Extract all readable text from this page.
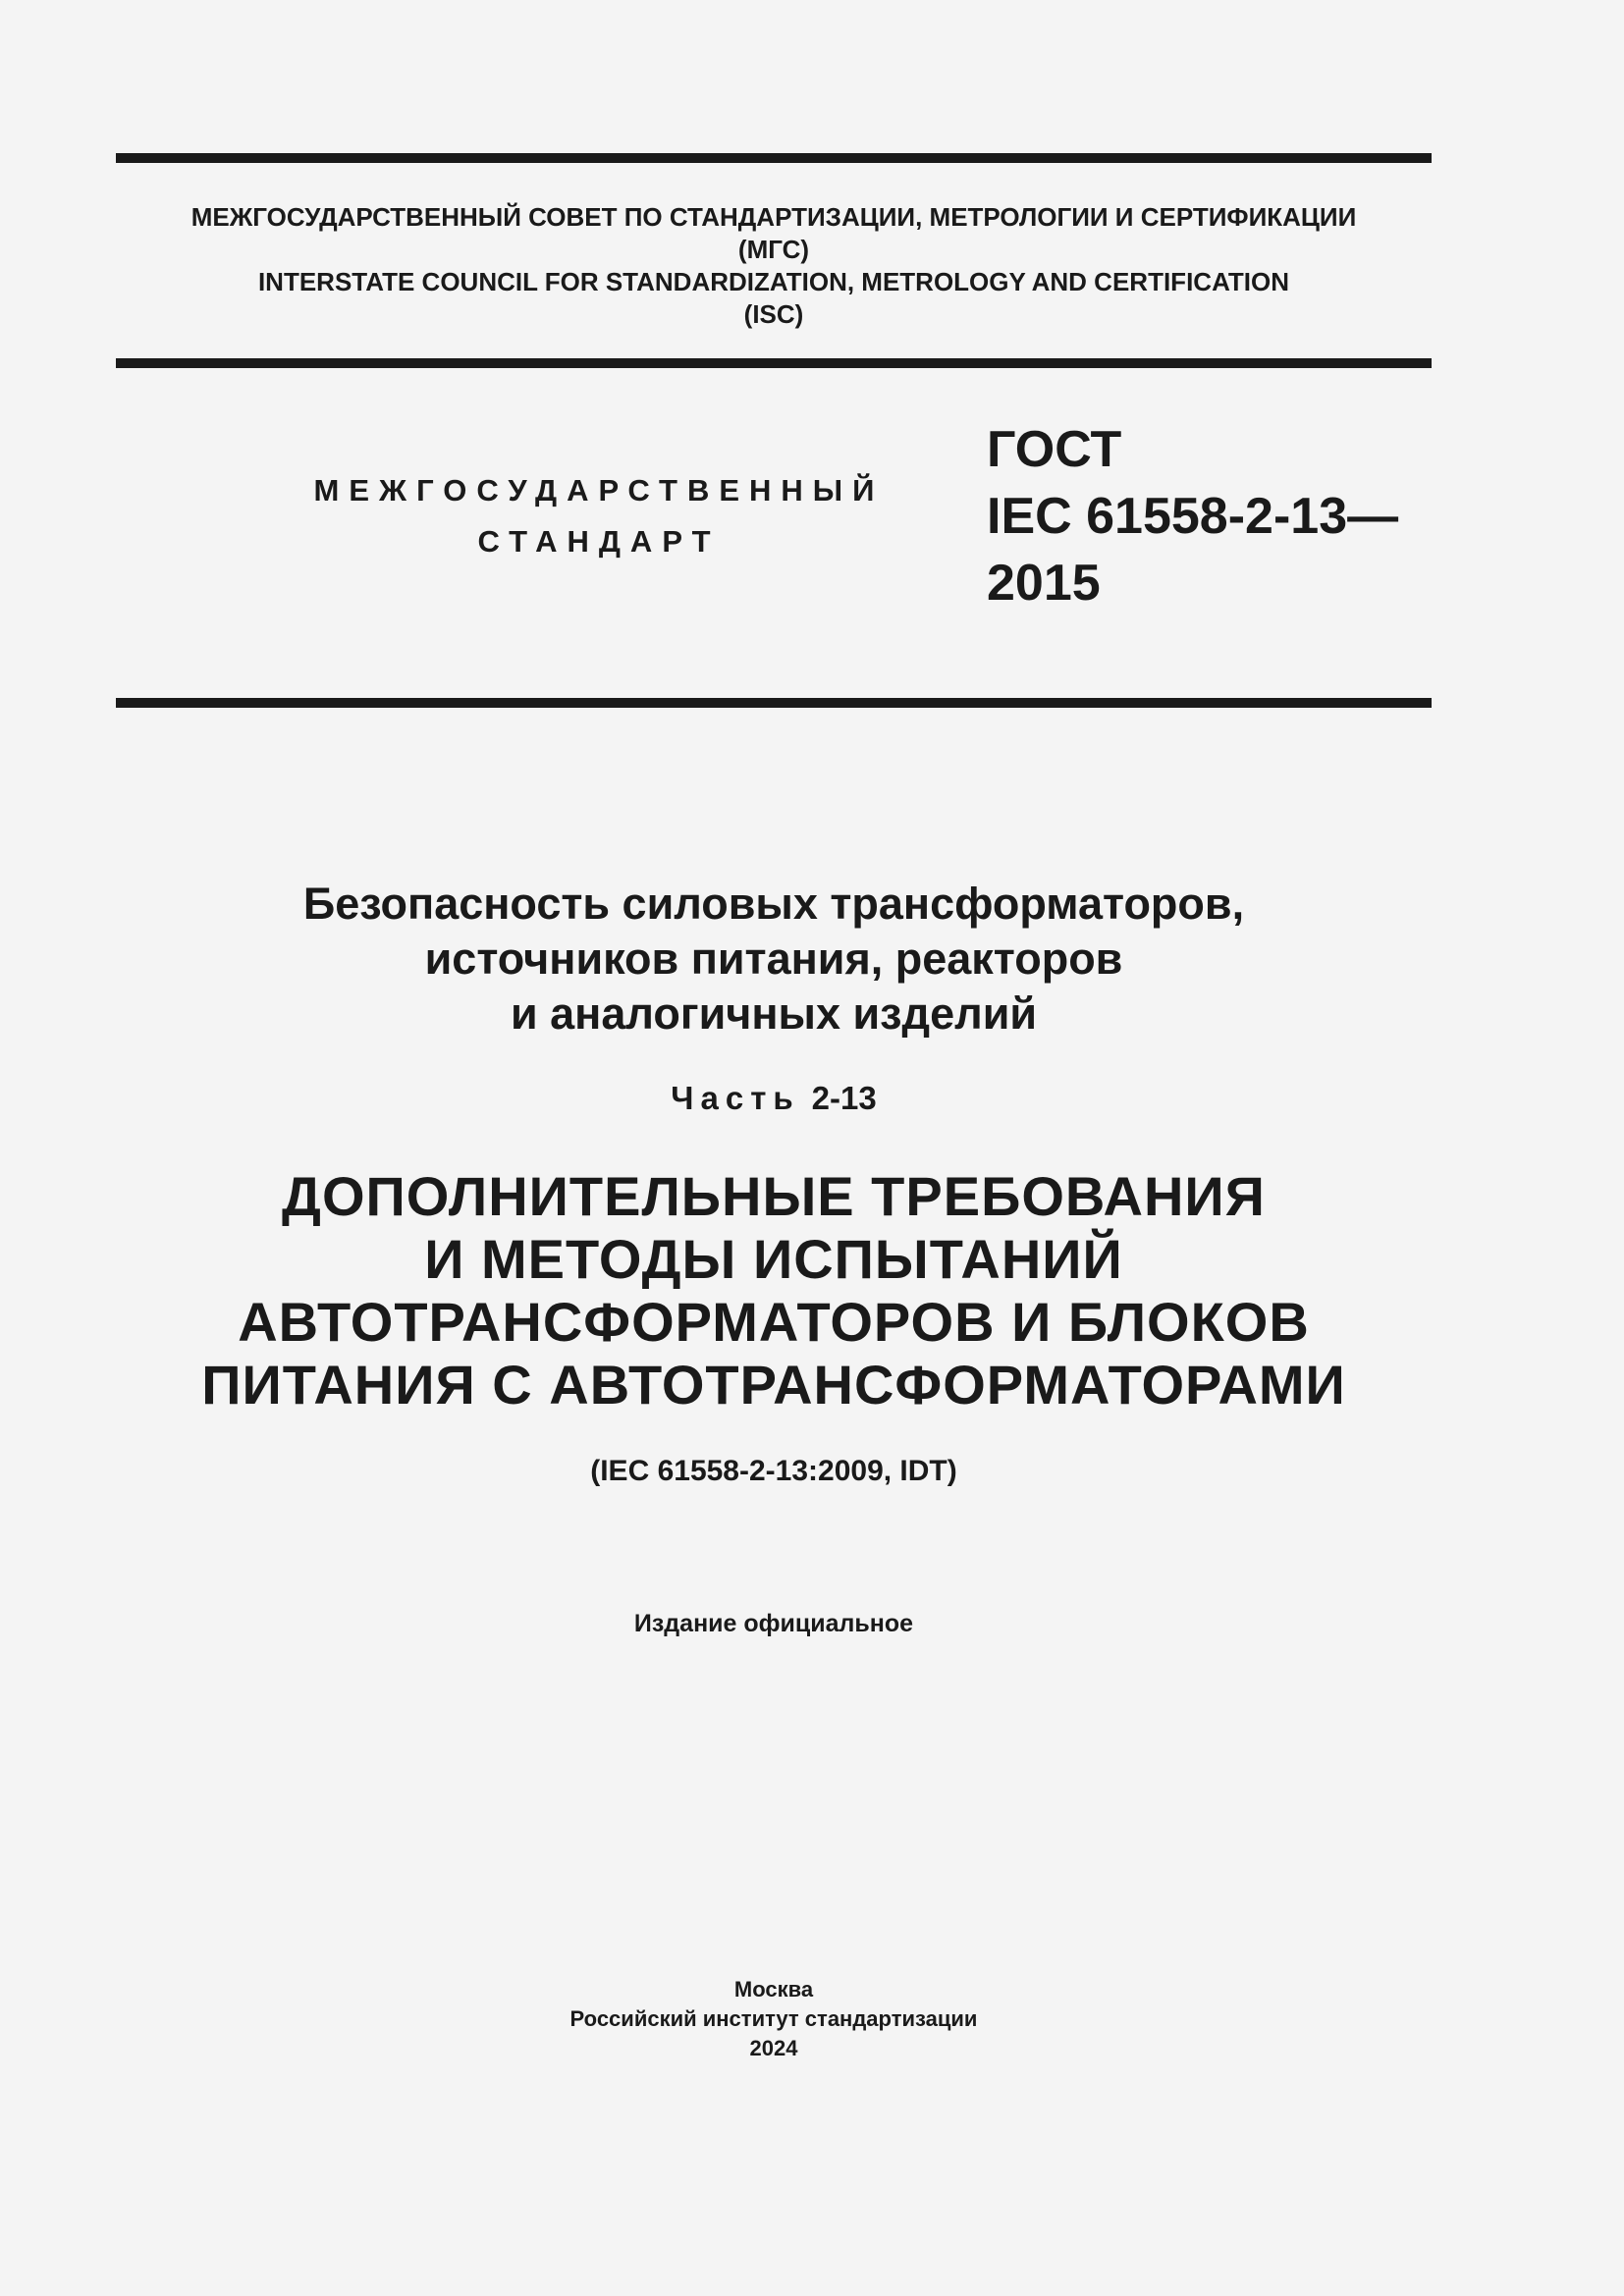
МЕЖГОСУДАРСТВЕННЫЙ СОВЕТ ПО СТАНДАРТИЗАЦИИ, МЕТРОЛОГИИ И СЕРТИФИКАЦИИ
(МГС)
INTERSTATE COUNCIL FOR STANDARDIZATION, METROLOGY AND CERTIFICATION
(ISC)
МЕЖГОСУДАРСТВЕННЫЙ
СТАНДАРТ
ГОСТ
IEC 61558-2-13—
2015
Безопасность силовых трансформаторов,
источников питания, реакторов
и аналогичных изделий
Часть 2-13
ДОПОЛНИТЕЛЬНЫЕ ТРЕБОВАНИЯ
И МЕТОДЫ ИСПЫТАНИЙ
АВТОТРАНСФОРМАТОРОВ И БЛОКОВ
ПИТАНИЯ С АВТОТРАНСФОРМАТОРАМИ
(IEC 61558-2-13:2009, IDT)
Издание официальное
Москва
Российский институт стандартизации
2024
